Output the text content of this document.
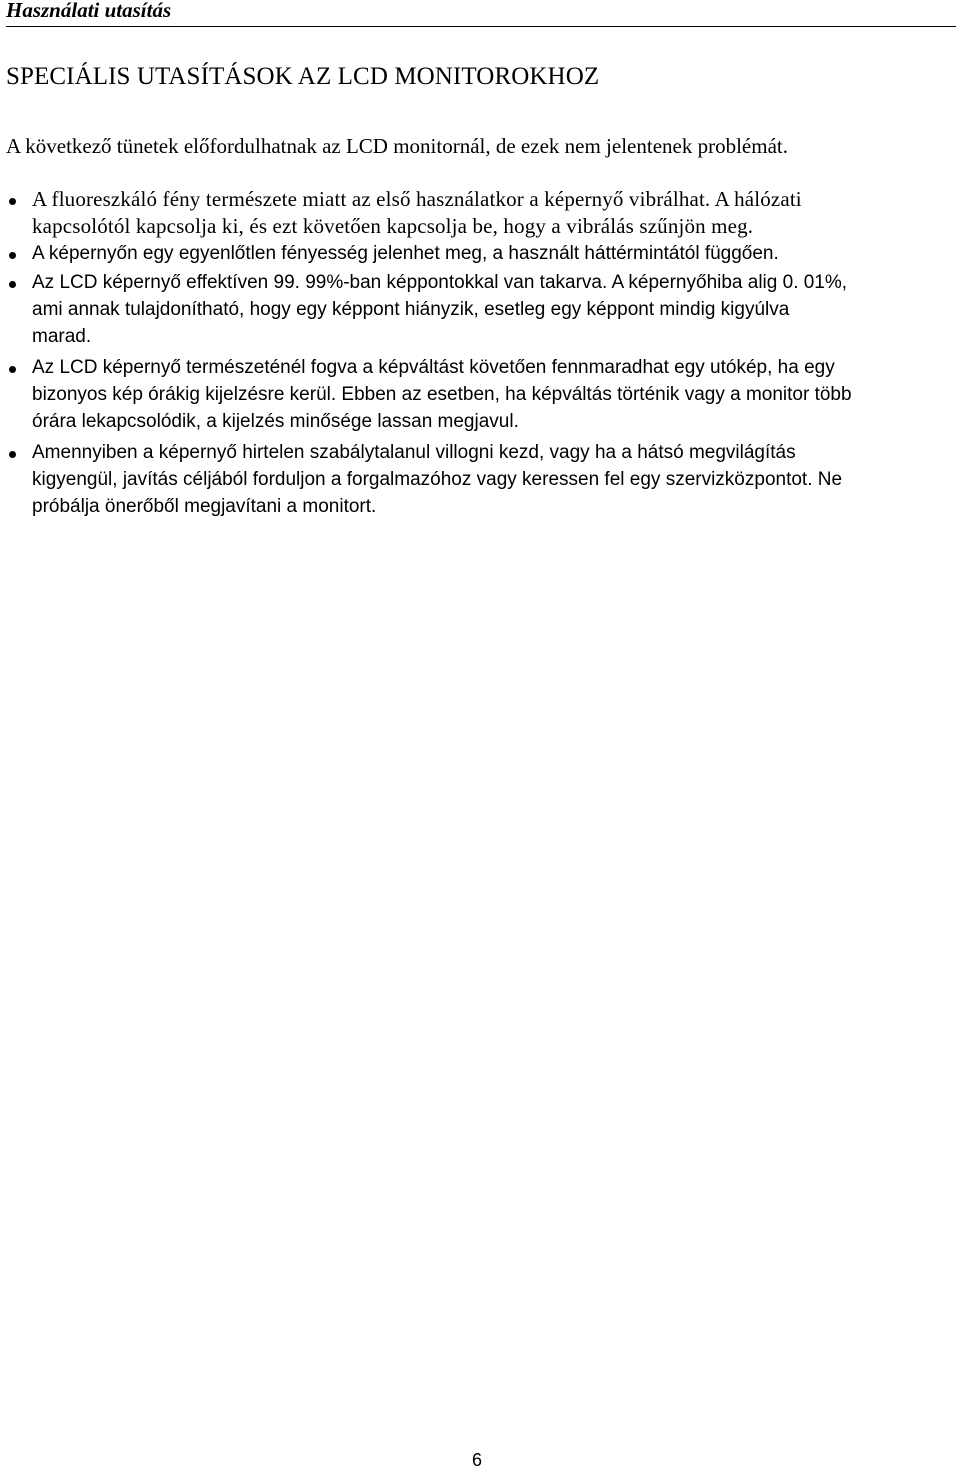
Használati utasítás
SPECIÁLIS UTASÍTÁSOK AZ LCD MONITOROKHOZ

A következő tünetek előfordulhatnak az LCD monitornál, de ezek nem jelentenek problémát.

A fluoreszkáló fény természete miatt az első használatkor a képernyő vibrálhat. A hálózati
kapcsolótól kapcsolja ki, és ezt követően kapcsolja be, hogy a vibrálás szűnjön meg.
A képernyőn egy egyenlőtlen fényesség jelenhet meg, a használt háttérmintától függően.
Az LCD képernyő effektíven 99. 99%-ban képpontokkal van takarva. A képernyőhiba alig 0. 01%,
ami annak tulajdonítható, hogy egy képpont hiányzik, esetleg egy képpont mindig kigyúlva
marad.
Az LCD képernyő természeténél fogva a képváltást követően fennmaradhat egy utókép, ha egy
bizonyos kép órákig kijelzésre kerül. Ebben az esetben, ha képváltás történik vagy a monitor több
órára lekapcsolódik, a kijelzés minősége lassan megjavul.
Amennyiben a képernyő hirtelen szabálytalanul villogni kezd, vagy ha a hátsó megvilágítás
kigyengül, javítás céljából forduljon a forgalmazóhoz vagy keressen fel egy szervizközpontot. Ne
próbálja önerőből megjavítani a monitort.
6
